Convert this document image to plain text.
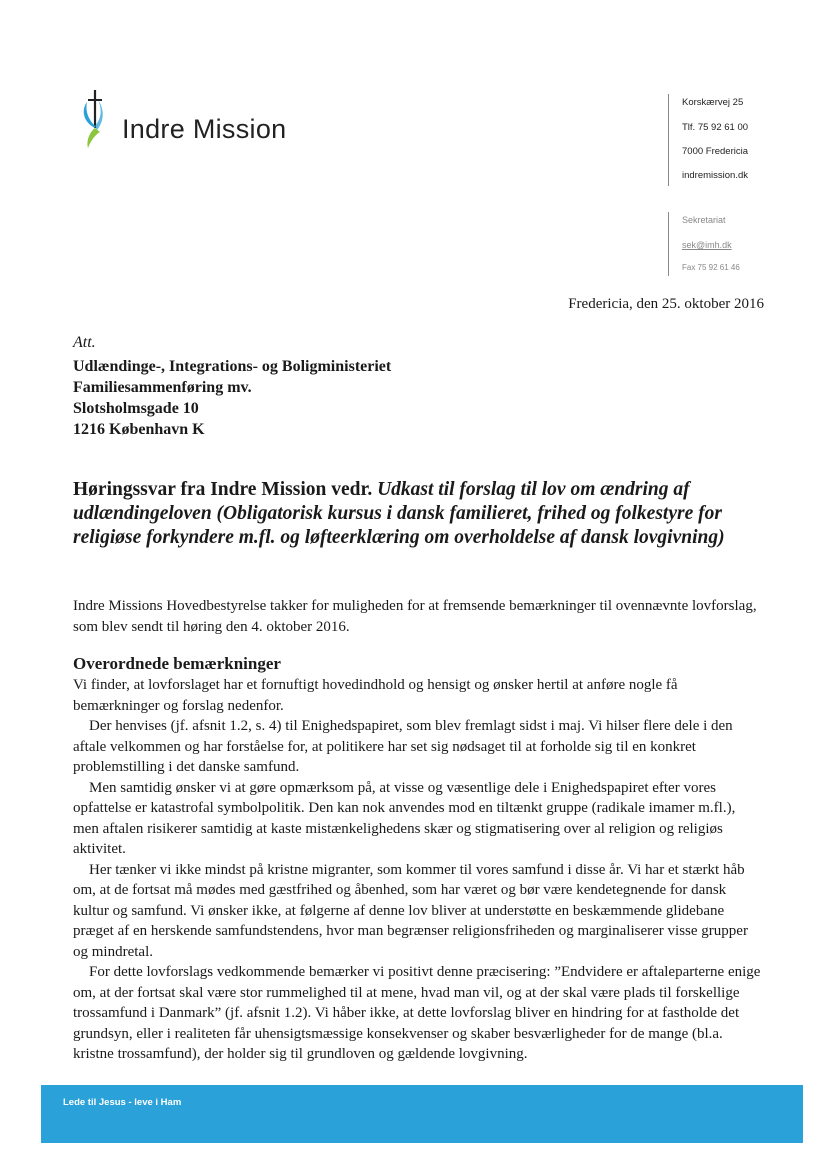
Indre Mission
Korskærvej 25
Tlf. 75 92 61 00
7000 Fredericia
indremission.dk
Sekretariat
sek@imh.dk
Fax 75 92 61 46
Fredericia, den 25. oktober 2016
Att.
Udlændinge-, Integrations- og Boligministeriet
Familiesammenføring mv.
Slotsholmsgade 10
1216 København K
Høringssvar fra Indre Mission vedr. Udkast til forslag til lov om ændring af udlændingeloven (Obligatorisk kursus i dansk familieret, frihed og folkestyre for religiøse forkyndere m.fl. og løfteerklæring om overholdelse af dansk lovgivning)
Indre Missions Hovedbestyrelse takker for muligheden for at fremsende bemærkninger til ovennævnte lovforslag, som blev sendt til høring den 4. oktober 2016.
Overordnede bemærkninger

Vi finder, at lovforslaget har et fornuftigt hovedindhold og hensigt og ønsker hertil at anføre nogle få bemærkninger og forslag nedenfor.

Der henvises (jf. afsnit 1.2, s. 4) til Enighedspapiret, som blev fremlagt sidst i maj. Vi hilser flere dele i den aftale velkommen og har forståelse for, at politikere har set sig nødsaget til at forholde sig til en konkret problemstilling i det danske samfund.

Men samtidig ønsker vi at gøre opmærksom på, at visse og væsentlige dele i Enighedspapiret efter vores opfattelse er katastrofal symbolpolitik. Den kan nok anvendes mod en tiltænkt gruppe (radikale imamer m.fl.), men aftalen risikerer samtidig at kaste mistænkelighedens skær og stigmatisering over al religion og religiøs aktivitet.

Her tænker vi ikke mindst på kristne migranter, som kommer til vores samfund i disse år. Vi har et stærkt håb om, at de fortsat må mødes med gæstfrihed og åbenhed, som har været og bør være kendetegnende for dansk kultur og samfund. Vi ønsker ikke, at følgerne af denne lov bliver at understøtte en beskæmmende glidebane præget af en herskende samfundstendens, hvor man begrænser religionsfriheden og marginaliserer visse grupper og mindretal.

For dette lovforslags vedkommende bemærker vi positivt denne præcisering: ”Endvidere er aftaleparterne enige om, at der fortsat skal være stor rummelighed til at mene, hvad man vil, og at der skal være plads til forskellige trossamfund i Danmark” (jf. afsnit 1.2). Vi håber ikke, at dette lovforslag bliver en hindring for at fastholde det grundsyn, eller i realiteten får uhensigtsmæssige konsekvenser og skaber besværligheder for de mange (bl.a. kristne trossamfund), der holder sig til grundloven og gældende lovgivning.

Lede til Jesus - leve i Ham
